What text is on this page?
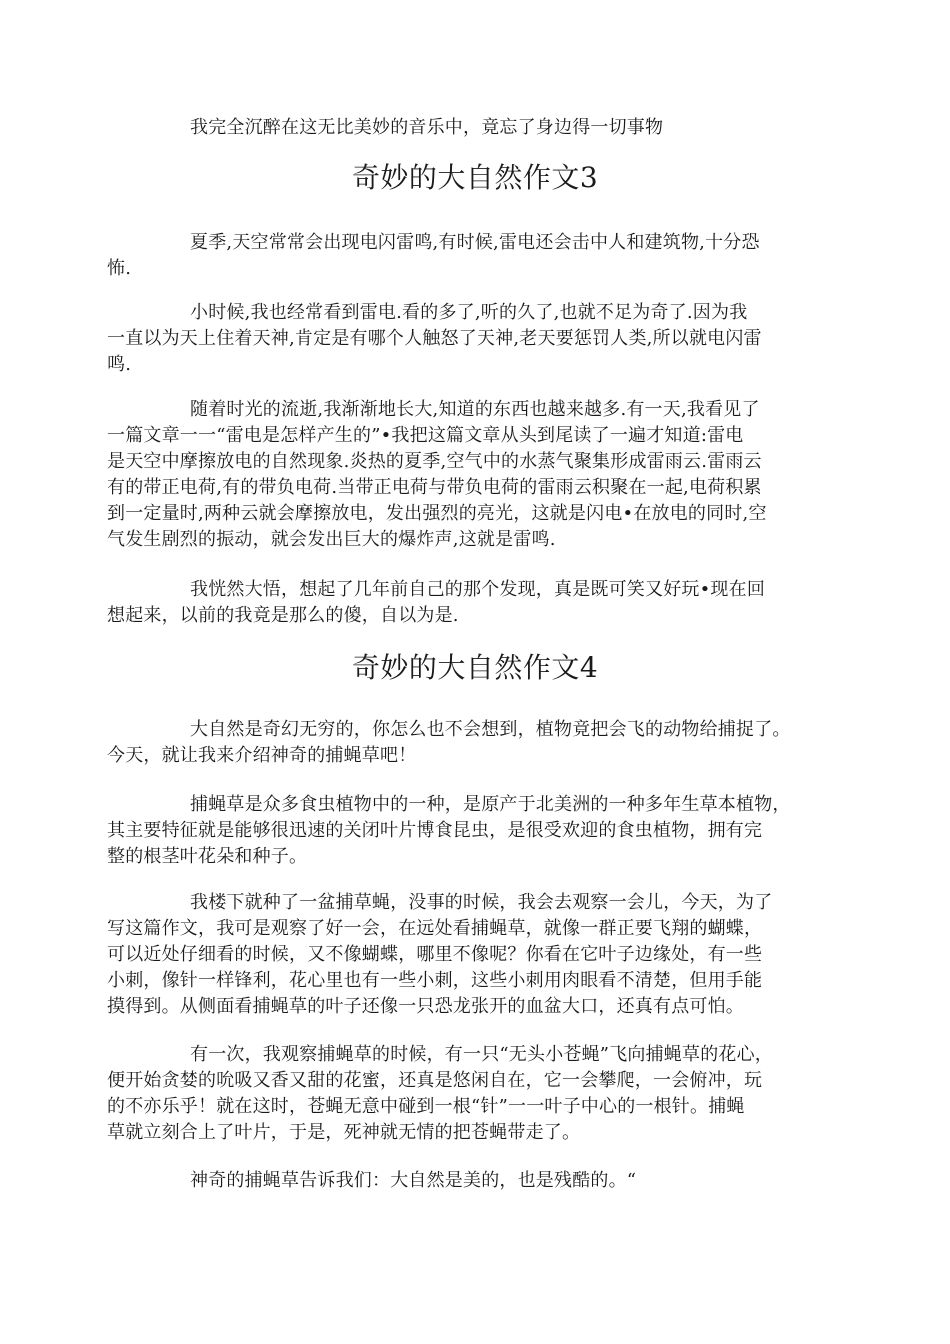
我完全沉醉在这无比美妙的音乐中，竟忘了身边得一切事物
奇妙的大自然作文3
夏季,天空常常会出现电闪雷鸣,有时候,雷电还会击中人和建筑物,十分恐
怖.
小时候,我也经常看到雷电.看的多了,听的久了,也就不足为奇了.因为我
一直以为天上住着天神,肯定是有哪个人触怒了天神,老天要惩罚人类,所以就电闪雷
鸣.
随着时光的流逝,我渐渐地长大,知道的东西也越来越多.有一天,我看见了
一篇文章一一“雷电是怎样产生的”•我把这篇文章从头到尾读了一遍才知道:雷电
是天空中摩擦放电的自然现象.炎热的夏季,空气中的水蒸气聚集形成雷雨云.雷雨云
有的带正电荷,有的带负电荷.当带正电荷与带负电荷的雷雨云积聚在一起,电荷积累
到一定量时,两种云就会摩擦放电，发出强烈的亮光，这就是闪电•在放电的同时,空
气发生剧烈的振动，就会发出巨大的爆炸声,这就是雷鸣.
我恍然大悟，想起了几年前自己的那个发现，真是既可笑又好玩•现在回
想起来，以前的我竟是那么的傻，自以为是.
奇妙的大自然作文4
大自然是奇幻无穷的，你怎么也不会想到，植物竟把会飞的动物给捕捉了。
今天，就让我来介绍神奇的捕蝇草吧！
捕蝇草是众多食虫植物中的一种，是原产于北美洲的一种多年生草本植物，
其主要特征就是能够很迅速的关闭叶片博食昆虫，是很受欢迎的食虫植物，拥有完
整的根茎叶花朵和种子。
我楼下就种了一盆捕草蝇，没事的时候，我会去观察一会儿，今天，为了
写这篇作文，我可是观察了好一会，在远处看捕蝇草，就像一群正要飞翔的蝴蝶，
可以近处仔细看的时候，又不像蝴蝶，哪里不像呢？你看在它叶子边缘处，有一些
小刺，像针一样锋利，花心里也有一些小刺，这些小刺用肉眼看不清楚，但用手能
摸得到。从侧面看捕蝇草的叶子还像一只恐龙张开的血盆大口，还真有点可怕。
有一次，我观察捕蝇草的时候，有一只“无头小苍蝇”飞向捕蝇草的花心，
便开始贪婪的吮吸又香又甜的花蜜，还真是悠闲自在，它一会攀爬，一会俯冲，玩
的不亦乐乎！就在这时，苍蝇无意中碰到一根“针”一一叶子中心的一根针。捕蝇
草就立刻合上了叶片，于是，死神就无情的把苍蝇带走了。
神奇的捕蝇草告诉我们：大自然是美的，也是残酷的。“
